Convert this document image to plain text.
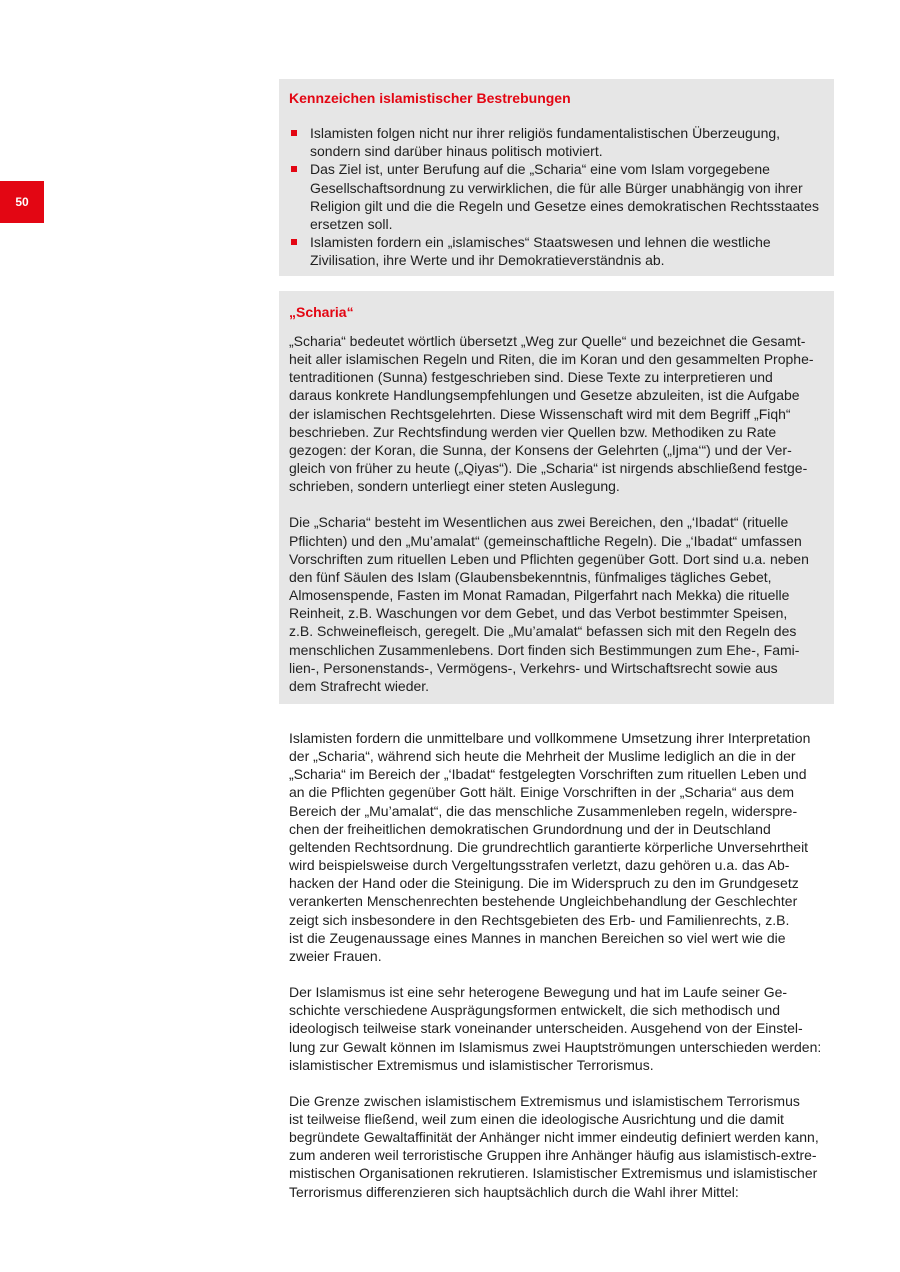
50
Kennzeichen islamistischer Bestrebungen
Islamisten folgen nicht nur ihrer religiös fundamentalistischen Überzeugung,
sondern sind darüber hinaus politisch motiviert.
Das Ziel ist, unter Berufung auf die „Scharia“ eine vom Islam vorgegebene
Gesellschaftsordnung zu verwirklichen, die für alle Bürger unabhängig von ihrer
Religion gilt und die die Regeln und Gesetze eines demokratischen Rechtsstaates
ersetzen soll.
Islamisten fordern ein „islamisches“ Staatswesen und lehnen die westliche
Zivilisation, ihre Werte und ihr Demokratieverständnis ab.
„Scharia“

„Scharia“ bedeutet wörtlich übersetzt „Weg zur Quelle“ und bezeichnet die Gesamt-
heit aller islamischen Regeln und Riten, die im Koran und den gesammelten Prophe-
tentraditionen (Sunna) festgeschrieben sind. Diese Texte zu interpretieren und
daraus konkrete Handlungsempfehlungen und Gesetze abzuleiten, ist die Aufgabe
der islamischen Rechtsgelehrten. Diese Wissenschaft wird mit dem Begriff „Fiqh“
beschrieben. Zur Rechtsfindung werden vier Quellen bzw. Methodiken zu Rate
gezogen: der Koran, die Sunna, der Konsens der Gelehrten („Ijma‘“) und der Ver-
gleich von früher zu heute („Qiyas“). Die „Scharia“ ist nirgends abschließend festge-
schrieben, sondern unterliegt einer steten Auslegung.

Die „Scharia“ besteht im Wesentlichen aus zwei Bereichen, den „‘Ibadat“ (rituelle
Pflichten) und den „Mu’amalat“ (gemeinschaftliche Regeln). Die „‘Ibadat“ umfassen
Vorschriften zum rituellen Leben und Pflichten gegenüber Gott. Dort sind u.a. neben
den fünf Säulen des Islam (Glaubensbekenntnis, fünfmaliges tägliches Gebet,
Almosenspende, Fasten im Monat Ramadan, Pilgerfahrt nach Mekka) die rituelle
Reinheit, z.B. Waschungen vor dem Gebet, und das Verbot bestimmter Speisen,
z.B. Schweinefleisch, geregelt. Die „Mu’amalat“ befassen sich mit den Regeln des
menschlichen Zusammenlebens. Dort finden sich Bestimmungen zum Ehe-, Fami-
lien-, Personenstands-, Vermögens-, Verkehrs- und Wirtschaftsrecht sowie aus
dem Strafrecht wieder.

Islamisten fordern die unmittelbare und vollkommene Umsetzung ihrer Interpretation
der „Scharia“, während sich heute die Mehrheit der Muslime lediglich an die in der
„Scharia“ im Bereich der „‘Ibadat“ festgelegten Vorschriften zum rituellen Leben und
an die Pflichten gegenüber Gott hält. Einige Vorschriften in der „Scharia“ aus dem
Bereich der „Mu’amalat“, die das menschliche Zusammenleben regeln, widerspre-
chen der freiheitlichen demokratischen Grundordnung und der in Deutschland
geltenden Rechtsordnung. Die grundrechtlich garantierte körperliche Unversehrtheit
wird beispielsweise durch Vergeltungsstrafen verletzt, dazu gehören u.a. das Ab-
hacken der Hand oder die Steinigung. Die im Widerspruch zu den im Grundgesetz
verankerten Menschenrechten bestehende Ungleichbehandlung der Geschlechter
zeigt sich insbesondere in den Rechtsgebieten des Erb- und Familienrechts, z.B.
ist die Zeugenaussage eines Mannes in manchen Bereichen so viel wert wie die
zweier Frauen.

Der Islamismus ist eine sehr heterogene Bewegung und hat im Laufe seiner Ge-
schichte verschiedene Ausprägungsformen entwickelt, die sich methodisch und
ideologisch teilweise stark voneinander unterscheiden. Ausgehend von der Einstel-
lung zur Gewalt können im Islamismus zwei Hauptströmungen unterschieden werden:
islamistischer Extremismus und islamistischer Terrorismus.

Die Grenze zwischen islamistischem Extremismus und islamistischem Terrorismus
ist teilweise fließend, weil zum einen die ideologische Ausrichtung und die damit
begründete Gewaltaffinität der Anhänger nicht immer eindeutig definiert werden kann,
zum anderen weil terroristische Gruppen ihre Anhänger häufig aus islamistisch-extre-
mistischen Organisationen rekrutieren. Islamistischer Extremismus und islamistischer
Terrorismus differenzieren sich hauptsächlich durch die Wahl ihrer Mittel:
